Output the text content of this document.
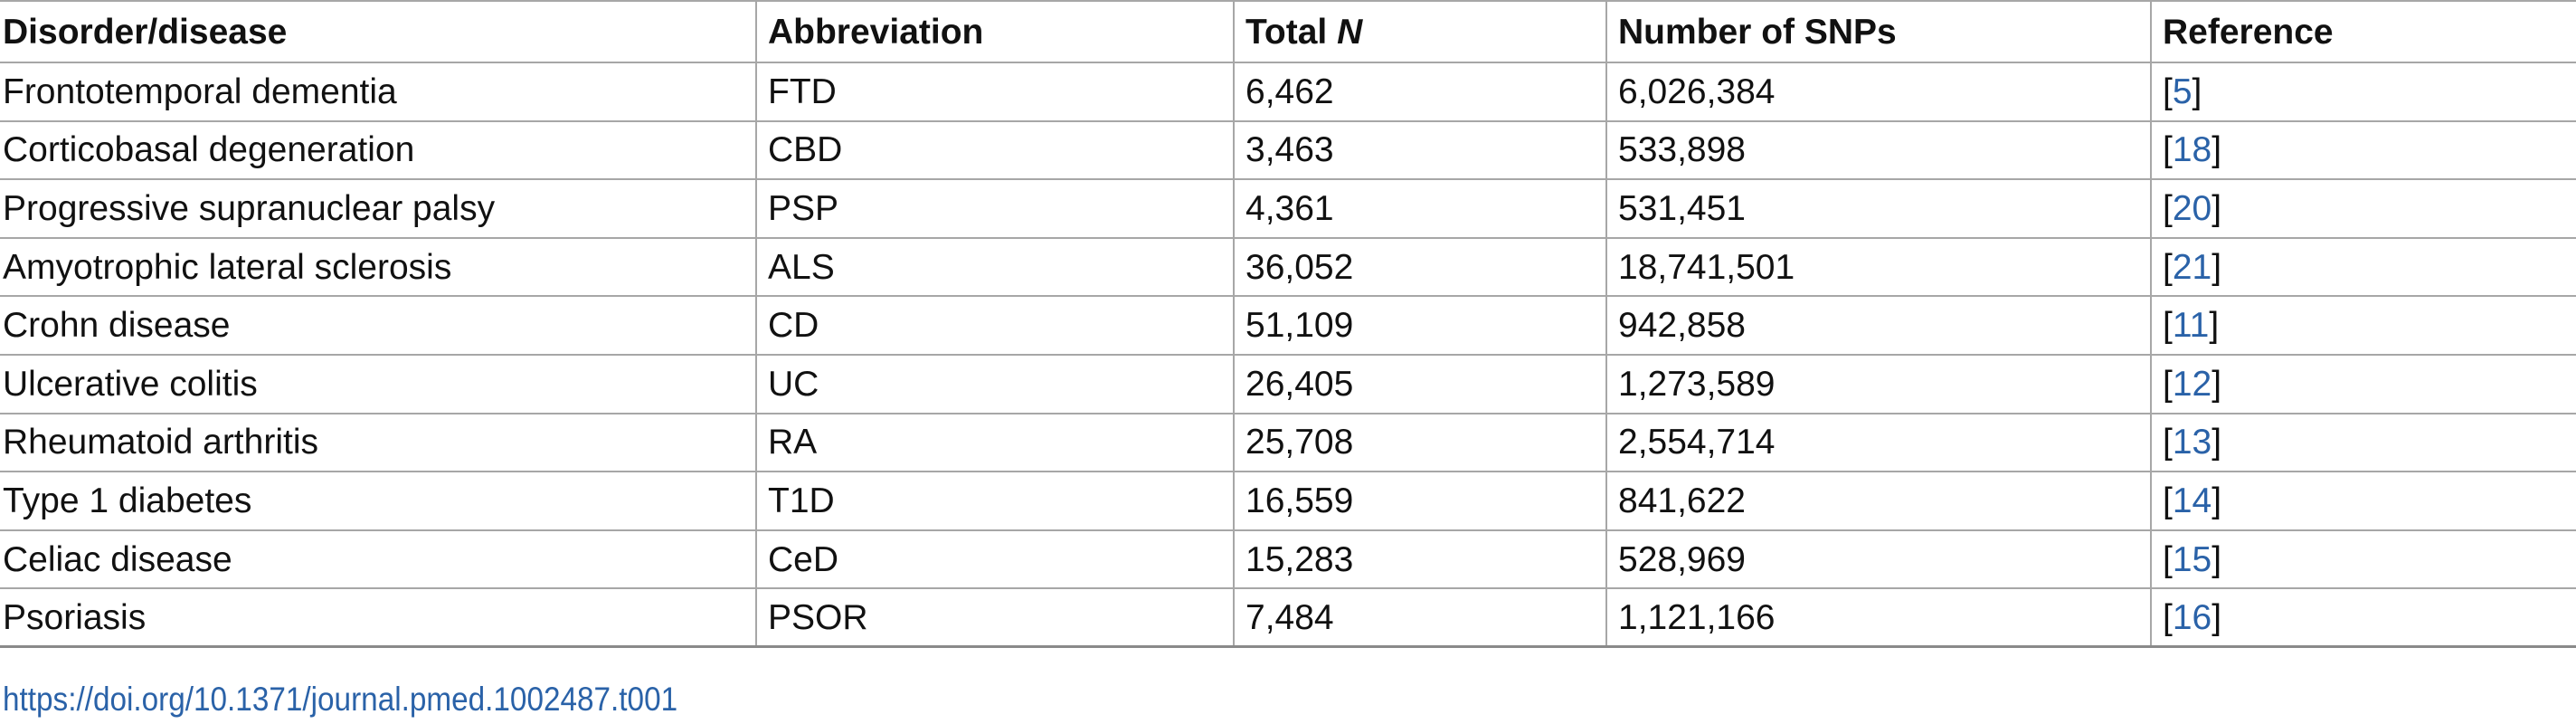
Disorder/disease	Abbreviation	Total N	Number of SNPs	Reference
Frontotemporal dementia	FTD	6,462	6,026,384	[5]
Corticobasal degeneration	CBD	3,463	533,898	[18]
Progressive supranuclear palsy	PSP	4,361	531,451	[20]
Amyotrophic lateral sclerosis	ALS	36,052	18,741,501	[21]
Crohn disease	CD	51,109	942,858	[11]
Ulcerative colitis	UC	26,405	1,273,589	[12]
Rheumatoid arthritis	RA	25,708	2,554,714	[13]
Type 1 diabetes	T1D	16,559	841,622	[14]
Celiac disease	CeD	15,283	528,969	[15]
Psoriasis	PSOR	7,484	1,121,166	[16]
https://doi.org/10.1371/journal.pmed.1002487.t001
